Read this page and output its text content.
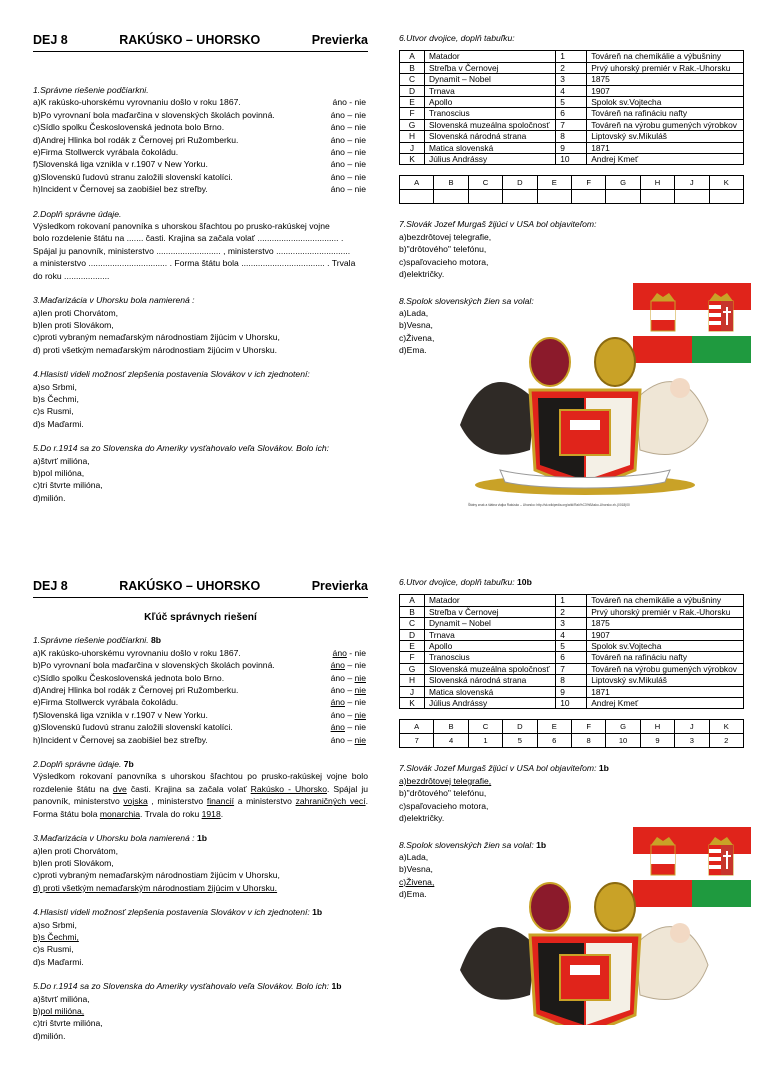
DEJ 8	RAKÚSKO – UHORSKO	Previerka
1.Správne riešenie podčiarkni.
a)K rakúsko-uhorskému vyrovnaniu došlo v roku 1867.	áno - nie
b)Po vyrovnaní bola maďarčina v slovenských školách povinná.	áno – nie
c)Sídlo spolku Československá jednota bolo Brno.	áno – nie
d)Andrej Hlinka bol rodák z Černovej pri Ružomberku.	áno – nie
e)Firma Stollwerck vyrábala čokoládu.	áno – nie
f)Slovenská liga vznikla v r.1907 v New Yorku.	áno – nie
g)Slovenskú ľudovú stranu založili slovenskí katolíci.	áno – nie
h)Incident v Černovej sa zaobišiel bez streľby.	áno – nie
2.Doplň správne údaje.
Výsledkom rokovaní panovníka s uhorskou šľachtou po prusko-rakúskej vojne
bolo rozdelenie štátu na ....... časti. Krajina sa začala volať .................................. .
Spájal ju panovník, ministerstvo ........................... , ministerstvo ...............................
a ministerstvo ................................. . Forma štátu bola ................................... . Trvala
do roku ...................
3.Maďarizácia v Uhorsku bola namierená :
a)len proti Chorvátom,
b)len proti Slovákom,
c)proti vybraným nemaďarským národnostiam žijúcim v Uhorsku,
d) proti všetkým nemaďarským národnostiam žijúcim v Uhorsku.
4.Hlasisti videli možnosť zlepšenia postavenia Slovákov v ich zjednotení:
a)so Srbmi,
b)s Čechmi,
c)s Rusmi,
d)s Maďarmi.
5.Do r.1914 sa zo Slovenska do Ameriky vysťahovalo veľa Slovákov. Bolo ich:
a)štvrť milióna,
b)pol milióna,
c)tri štvrte milióna,
d)milión.
6.Utvor dvojice, doplň tabuľku:
A	Matador	1	Továreň na chemikálie a výbušniny
B	Streľba v Černovej	2	Prvý uhorský premiér v Rak.-Uhorsku
C	Dynamit – Nobel	3	1875
D	Trnava	4	1907
E	Apollo	5	Spolok sv.Vojtecha
F	Tranoscius	6	Továreň na rafináciu nafty
G	Slovenská muzeálna spoločnosť	7	Továreň na výrobu gumených výrobkov
H	Slovenská národná strana	8	Liptovský sv.Mikuláš
J	Matica slovenská	9	1871
K	Július Andrássy	10	Andrej Kmeť
A	B	C	D	E	F	G	H	J	K

7.Slovák Jozef Murgaš žijúci v USA bol objaviteľom:
a)bezdrôtovej telegrafie,
b)"drôtového" telefónu,
c)spaľovacieho motora,
d)električky.
8.Spolok slovenských žien sa volal:
a)Lada,
b)Vesna,
c)Živena,
d)Ema.
Štátny znak a štátna vlajka Rakúsko – Uhorsko: http://sk.wikipedia.org/wiki/Rak%C3%BAsko-Uhorsko zh-(0018)00
DEJ 8	RAKÚSKO – UHORSKO	Previerka
Kľúč správnych riešení
1.Správne riešenie podčiarkni. 8b
a)K rakúsko-uhorskému vyrovnaniu došlo v roku 1867.	áno - nie
b)Po vyrovnaní bola maďarčina v slovenských školách povinná.	áno – nie
c)Sídlo spolku Československá jednota bolo Brno.	áno – nie
d)Andrej Hlinka bol rodák z Černovej pri Ružomberku.	áno – nie
e)Firma Stollwerck vyrábala čokoládu.	áno – nie
f)Slovenská liga vznikla v r.1907 v New Yorku.	áno – nie
g)Slovenskú ľudovú stranu založili slovenskí katolíci.	áno – nie
h)Incident v Černovej sa zaobišiel bez streľby.	áno – nie
2.Doplň správne údaje. 7b
Výsledkom rokovaní panovníka s uhorskou šľachtou po prusko-rakúskej vojne bolo rozdelenie štátu na dve časti. Krajina sa začala volať Rakúsko - Uhorsko. Spájal ju panovník, ministerstvo vojska , ministerstvo financií a ministerstvo zahraničných vecí. Forma štátu bola monarchia. Trvala do roku 1918.
3.Maďarizácia v Uhorsku bola namierená : 1b
a)len proti Chorvátom,
b)len proti Slovákom,
c)proti vybraným nemaďarským národnostiam žijúcim v Uhorsku,
d) proti všetkým nemaďarským národnostiam žijúcim v Uhorsku.
4.Hlasisti videli možnosť zlepšenia postavenia Slovákov v ich zjednotení: 1b
a)so Srbmi,
b)s Čechmi,
c)s Rusmi,
d)s Maďarmi.
5.Do r.1914 sa zo Slovenska do Ameriky vysťahovalo veľa Slovákov. Bolo ich: 1b
a)štvrť milióna,
b)pol milióna,
c)tri štvrte milióna,
d)milión.
6.Utvor dvojice, doplň tabuľku: 10b
A	Matador	1	Továreň na chemikálie a výbušniny
B	Streľba v Černovej	2	Prvý uhorský premiér v Rak.-Uhorsku
C	Dynamit – Nobel	3	1875
D	Trnava	4	1907
E	Apollo	5	Spolok sv.Vojtecha
F	Tranoscius	6	Továreň na rafináciu nafty
G	Slovenská muzeálna spoločnosť	7	Továreň na výrobu gumených výrobkov
H	Slovenská národná strana	8	Liptovský sv.Mikuláš
J	Matica slovenská	9	1871
K	Július Andrássy	10	Andrej Kmeť
A	B	C	D	E	F	G	H	J	K
7	4	1	5	6	8	10	9	3	2
7.Slovák Jozef Murgaš žijúci v USA bol objaviteľom: 1b
a)bezdrôtovej telegrafie,
b)"drôtového" telefónu,
c)spaľovacieho motora,
d)električky.
8.Spolok slovenských žien sa volal: 1b
a)Lada,
b)Vesna,
c)Živena,
d)Ema.
